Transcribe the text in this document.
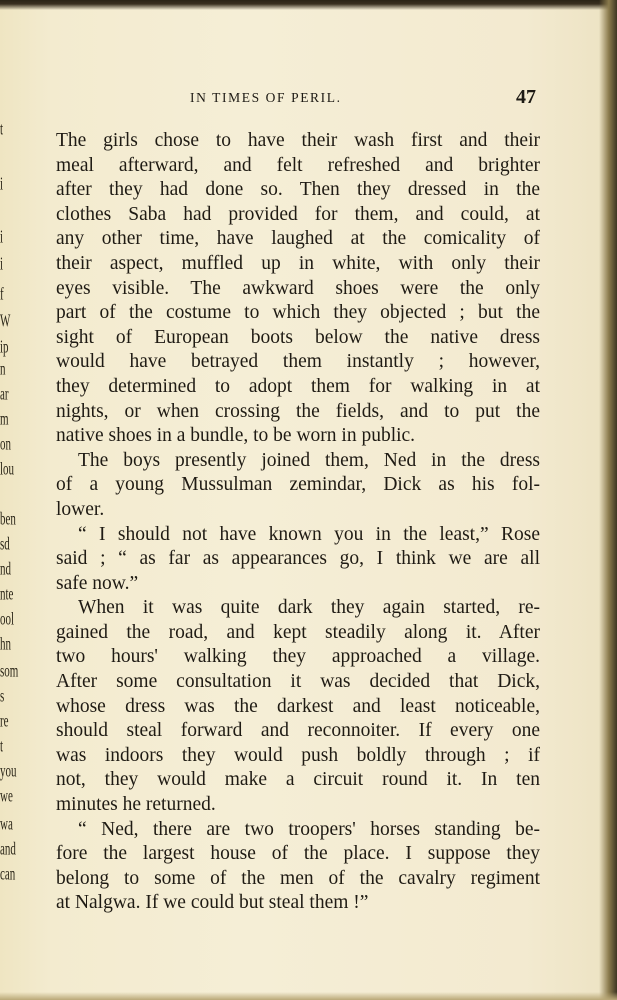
t
i
i
i
f
W
ip
n
ar
m
on
lou
ben
sd
nd
nte
ool
hn
som
s
re
t
you
we
wa
and
can
IN TIMES OF PERIL.	47
The girls chose to have their wash first and their
meal afterward, and felt refreshed and brighter
after they had done so. Then they dressed in the
clothes Saba had provided for them, and could, at
any other time, have laughed at the comicality of
their aspect, muffled up in white, with only their
eyes visible. The awkward shoes were the only
part of the costume to which they objected ; but the
sight of European boots below the native dress
would have betrayed them instantly ; however,
they determined to adopt them for walking in at
nights, or when crossing the fields, and to put the
native shoes in a bundle, to be worn in public.
The boys presently joined them, Ned in the dress
of a young Mussulman zemindar, Dick as his fol-
lower.
“ I should not have known you in the least,” Rose
said ; “ as far as appearances go, I think we are all
safe now.”
When it was quite dark they again started, re-
gained the road, and kept steadily along it. After
two hours' walking they approached a village.
After some consultation it was decided that Dick,
whose dress was the darkest and least noticeable,
should steal forward and reconnoiter. If every one
was indoors they would push boldly through ; if
not, they would make a circuit round it. In ten
minutes he returned.
“ Ned, there are two troopers' horses standing be-
fore the largest house of the place. I suppose they
belong to some of the men of the cavalry regiment
at Nalgwa. If we could but steal them !”
